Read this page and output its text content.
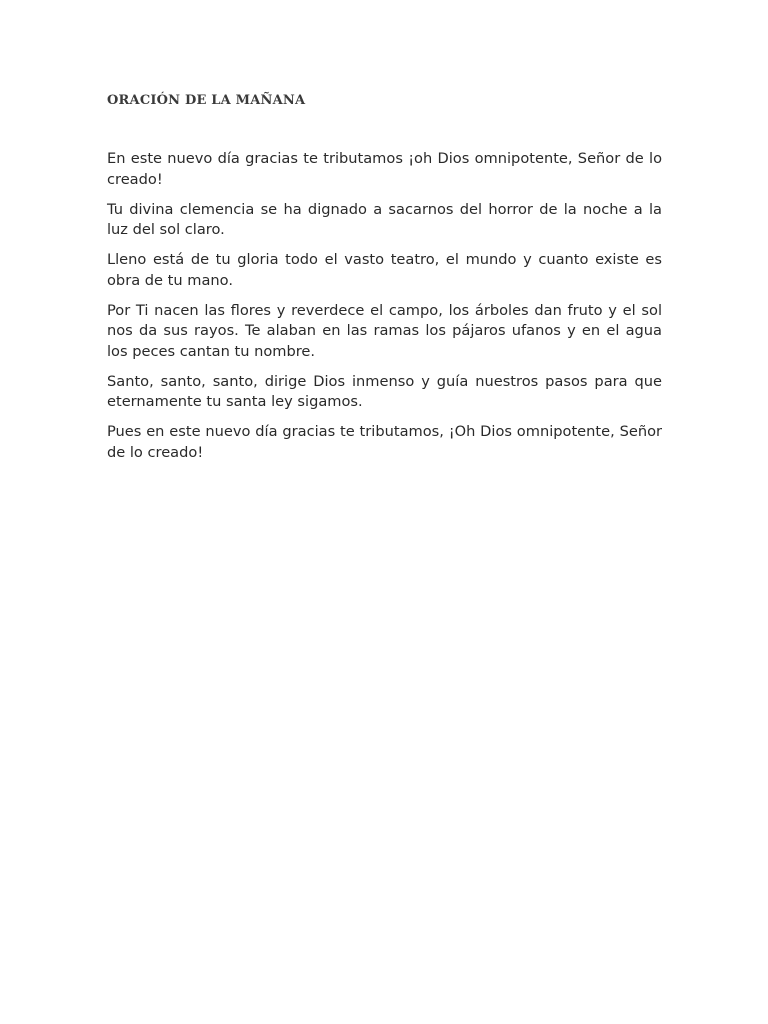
ORACIÓN DE LA MAÑANA

En este nuevo día gracias te tributamos ¡oh Dios omnipotente, Señor de lo creado!

Tu divina clemencia se ha dignado a sacarnos del horror de la noche a la luz del sol claro.

Lleno está de tu gloria todo el vasto teatro, el mundo y cuanto existe es obra de tu mano.

Por Ti nacen las flores y reverdece el campo, los árboles dan fruto y el sol nos da sus rayos. Te alaban en las ramas los pájaros ufanos y en el agua los peces cantan tu nombre.

Santo, santo, santo, dirige Dios inmenso y guía nuestros pasos para que eternamente tu santa ley sigamos.

Pues en este nuevo día gracias te tributamos, ¡Oh Dios omnipotente, Señor de lo creado!
